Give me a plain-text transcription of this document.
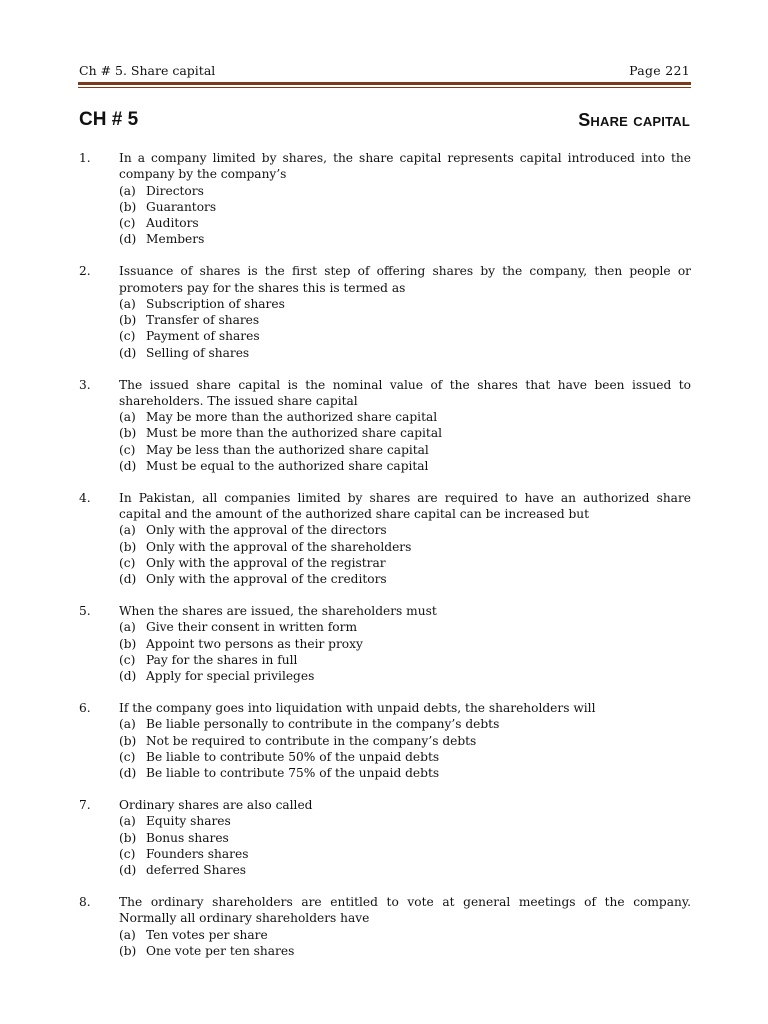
Ch # 5. Share capital	Page 221
CH # 5	Share capital
1.	In a company limited by shares, the share capital represents capital introduced into the company by the company’s
(a) Directors
(b) Guarantors
(c) Auditors
(d) Members
2.	Issuance of shares is the first step of offering shares by the company, then people or promoters pay for the shares this is termed as
(a) Subscription of shares
(b) Transfer of shares
(c) Payment of shares
(d) Selling of shares
3.	The issued share capital is the nominal value of the shares that have been issued to shareholders. The issued share capital
(a) May be more than the authorized share capital
(b) Must be more than the authorized share capital
(c) May be less than the authorized share capital
(d) Must be equal to the authorized share capital
4.	In Pakistan, all companies limited by shares are required to have an authorized share capital and the amount of the authorized share capital can be increased but
(a) Only with the approval of the directors
(b) Only with the approval of the shareholders
(c) Only with the approval of the registrar
(d) Only with the approval of the creditors
5.	When the shares are issued, the shareholders must
(a) Give their consent in written form
(b) Appoint two persons as their proxy
(c) Pay for the shares in full
(d) Apply for special privileges
6.	If the company goes into liquidation with unpaid debts, the shareholders will
(a) Be liable personally to contribute in the company’s debts
(b) Not be required to contribute in the company’s debts
(c) Be liable to contribute 50% of the unpaid debts
(d) Be liable to contribute 75% of the unpaid debts
7.	Ordinary shares are also called
(a) Equity shares
(b) Bonus shares
(c) Founders shares
(d) deferred Shares
8.	The ordinary shareholders are entitled to vote at general meetings of the company. Normally all ordinary shareholders have
(a) Ten votes per share
(b) One vote per ten shares
